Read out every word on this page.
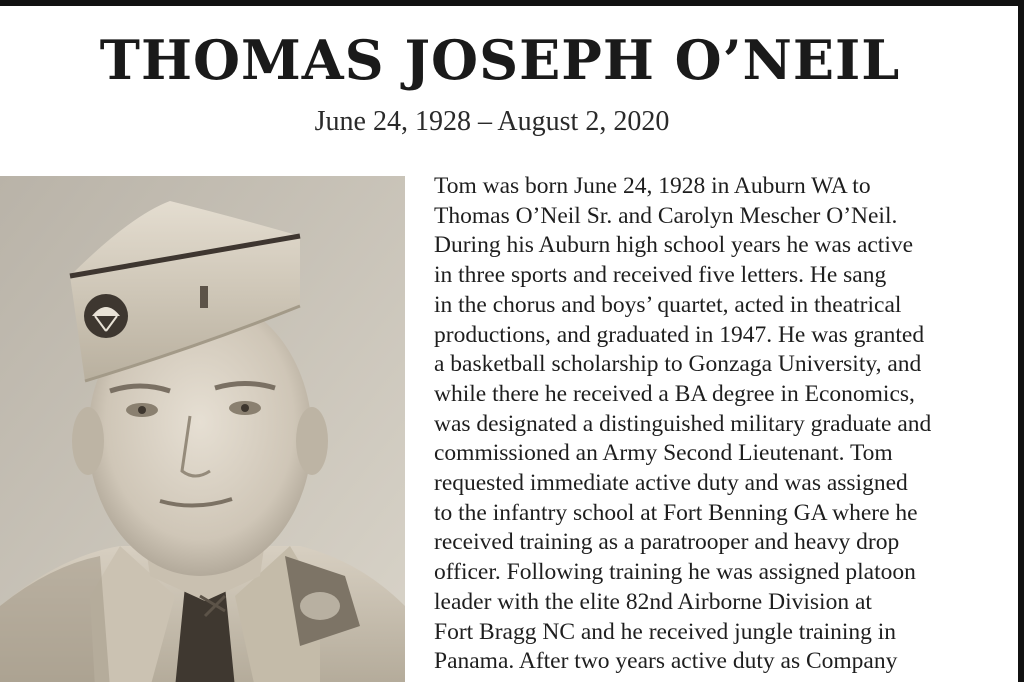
THOMAS JOSEPH O’NEIL
June 24, 1928 – August 2, 2020
Tom was born June 24, 1928 in Auburn WA to
Thomas O’Neil Sr. and Carolyn Mescher O’Neil.
During his Auburn high school years he was active
in three sports and received five letters. He sang
in the chorus and boys’ quartet, acted in theatrical
productions, and graduated in 1947. He was granted
a basketball scholarship to Gonzaga University, and
while there he received a BA degree in Economics,
was designated a distinguished military graduate and
commissioned an Army Second Lieutenant. Tom
requested immediate active duty and was assigned
to the infantry school at Fort Benning GA where he
received training as a paratrooper and heavy drop
officer. Following training he was assigned platoon
leader with the elite 82nd Airborne Division at
Fort Bragg NC and he received jungle training in
Panama. After two years active duty as Company
